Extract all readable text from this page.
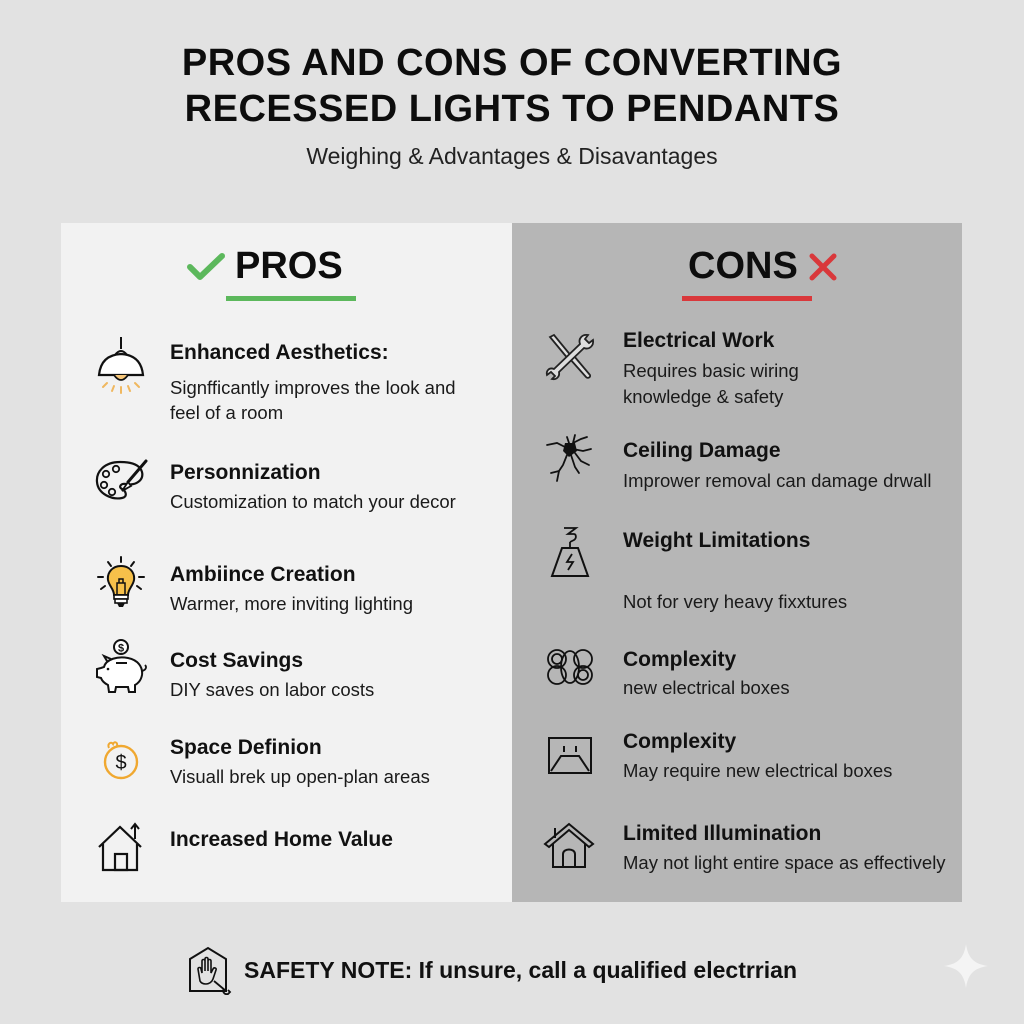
PROS AND CONS OF CONVERTING
RECESSED LIGHTS TO PENDANTS
Weighing & Advantages & Disavantages
PROS
Enhanced Aesthetics:
Signfficantly improves the look and
feel of a room
Personnization
Customization to match your decor
Ambiince Creation
Warmer, more inviting lighting
$
Cost Savings
DIY saves on labor costs
$
Space Definion
Visuall brek up open-plan areas
Increased Home Value
CONS
Electrical Work
Requires basic wiring
knowledge & safety
Ceiling Damage
Imprower removal can damage drwall
Weight Limitations
Not for very heavy fixxtures
Complexity
new electrical boxes
Complexity
May require new electrical boxes
Limited Illumination
May not light entire space as effectively
SAFETY NOTE: If unsure, call a qualified electrrian
